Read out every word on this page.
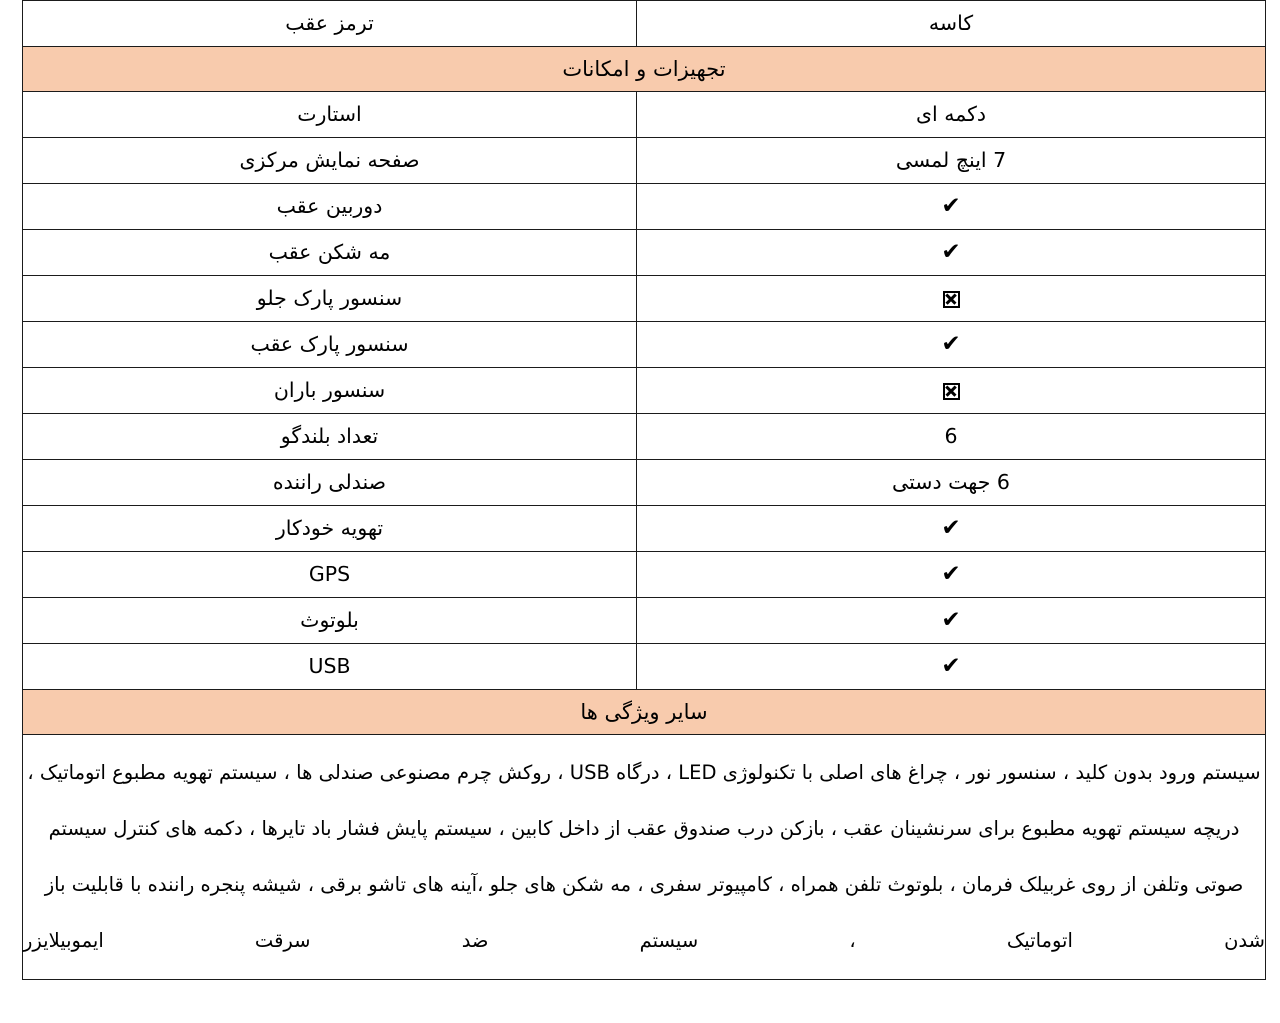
کاسه	ترمز عقب
تجهیزات و امکانات	
دکمه ای	استارت
7 اینچ لمسی	صفحه نمایش مرکزی
✔	دوربین عقب
✔	مه شکن عقب
	سنسور پارک جلو
✔	سنسور پارک عقب
	سنسور باران
6	تعداد بلندگو
6 جهت دستی	صندلی راننده
✔	تهویه خودکار
✔	GPS
✔	بلوتوث
✔	USB
سایر ویژگی ها	

سیستم ورود بدون کلید ، سنسور نور ، چراغ های اصلی با تکنولوژی LED ، درگاه USB ، روکش چرم مصنوعی صندلی ها ، سیستم تهویه مطبوع اتوماتیک ، دریچه سیستم تهویه مطبوع برای سرنشینان عقب ، بازکن درب صندوق عقب از داخل کابین ، سیستم پایش فشار باد تایرها ، دکمه های کنترل سیستم صوتی وتلفن از روی غربیلک فرمان ، بلوتوث تلفن همراه ، کامپیوتر سفری ، مه شکن های جلو ،آینه های تاشو برقی ، شیشه پنجره راننده با قابلیت باز شدن اتوماتیک ، سیستم ضد سرقت ایموبیلایزر	
